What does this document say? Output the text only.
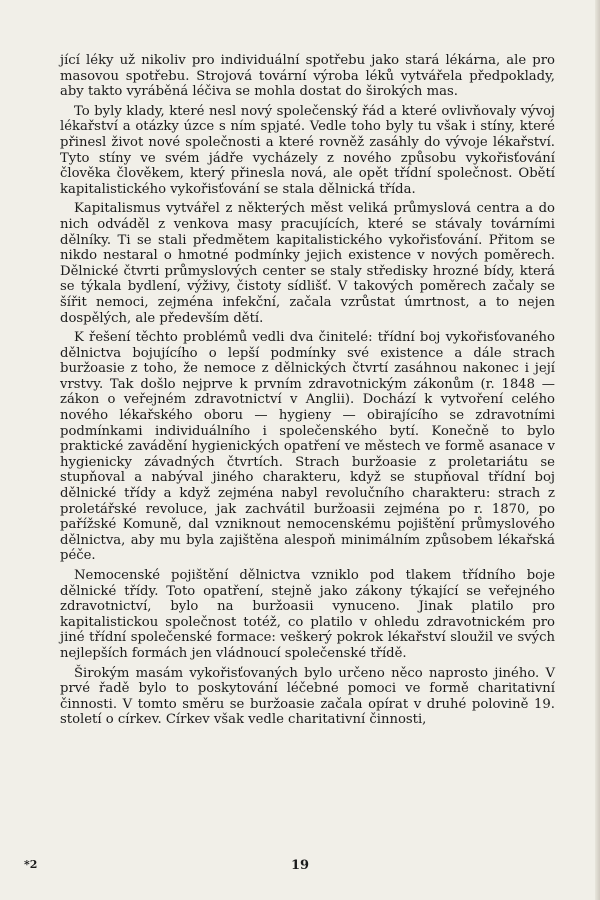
jící léky už nikoliv pro individuální spotřebu jako stará lékárna, ale pro masovou spotřebu. Strojová tovární výroba léků vytvářela předpoklady, aby takto vyráběná léčiva se mohla dostat do širokých mas.

To byly klady, které nesl nový společenský řád a které ovlivňovaly vývoj lékařství a otázky úzce s ním spjaté. Vedle toho byly tu však i stíny, které přinesl život nové společnosti a které rovněž zasáhly do vývoje lékařství. Tyto stíny ve svém jádře vycházely z nového způsobu vykořisťování člověka člověkem, který přinesla nová, ale opět třídní společnost. Obětí kapitalistického vykořisťování se stala dělnická třída.

Kapitalismus vytvářel z některých měst veliká průmyslová centra a do nich odváděl z venkova masy pracujících, které se stávaly továrními dělníky. Ti se stali předmětem kapitalistického vykořisťování. Přitom se nikdo nestaral o hmotné podmínky jejich existence v nových poměrech. Dělnické čtvrti průmyslových center se staly středisky hrozné bídy, která se týkala bydlení, výživy, čistoty sídlišť. V takových poměrech začaly se šířit nemoci, zejména infekční, začala vzrůstat úmrtnost, a to nejen dospělých, ale především dětí.

K řešení těchto problémů vedli dva činitelé: třídní boj vykořisťovaného dělnictva bojujícího o lepší podmínky své existence a dále strach buržoasie z toho, že nemoce z dělnických čtvrtí zasáhnou nakonec i její vrstvy. Tak došlo nejprve k prvním zdravotnickým zákonům (r. 1848 — zákon o veřejném zdravotnictví v Anglii). Dochází k vytvoření celého nového lékařského oboru — hygieny — obirajícího se zdravotními podmínkami individuálního i společenského bytí. Konečně to bylo praktické zavádění hygienických opatření ve městech ve formě asanace v hygienicky závadných čtvrtích. Strach buržoasie z proletariátu se stupňoval a nabýval jiného charakteru, když se stupňoval třídní boj dělnické třídy a když zejména nabyl revolučního charakteru: strach z proletářské revoluce, jak zachvátil buržoasii zejména po r. 1870, po pařížské Komuně, dal vzniknout nemocenskému pojištění průmyslového dělnictva, aby mu byla zajištěna alespoň minimálním způsobem lékařská péče.

Nemocenské pojištění dělnictva vzniklo pod tlakem třídního boje dělnické třídy. Toto opatření, stejně jako zákony týkající se veřejného zdravotnictví, bylo na buržoasii vynuceno. Jinak platilo pro kapitalistickou společnost totéž, co platilo v ohledu zdravotnickém pro jiné třídní společenské formace: veškerý pokrok lékařství sloužil ve svých nejlepších formách jen vládnoucí společenské třídě.

Širokým masám vykořisťovaných bylo určeno něco naprosto jiného. V prvé řadě bylo to poskytování léčebné pomoci ve formě charitativní činnosti. V tomto směru se buržoasie začala opírat v druhé polovině 19. století o církev. Církev však vedle charitativní činnosti,

*2	19
